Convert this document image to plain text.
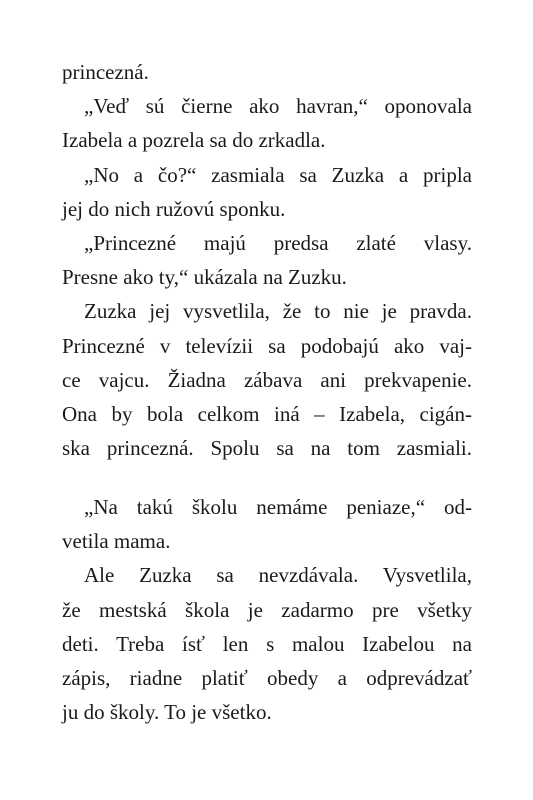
princezná.
„Veď sú čierne ako havran,“ oponovala
Izabela a pozrela sa do zrkadla.
„No a čo?“ zasmiala sa Zuzka a pripla
jej do nich ružovú sponku.
„Princezné majú predsa zlaté vlasy.
Presne ako ty,“ ukázala na Zuzku.
Zuzka jej vysvetlila, že to nie je pravda.
Princezné v televízii sa podobajú ako vaj-
ce vajcu. Žiadna zábava ani prekvapenie.
Ona by bola celkom iná – Izabela, cigán-
ska princezná. Spolu sa na tom zasmiali.
„Na takú školu nemáme peniaze,“ od-
vetila mama.
Ale Zuzka sa nevzdávala. Vysvetlila,
že mestská škola je zadarmo pre všetky
deti. Treba ísť len s malou Izabelou na
zápis, riadne platiť obedy a odprevádzať
ju do školy. To je všetko.
